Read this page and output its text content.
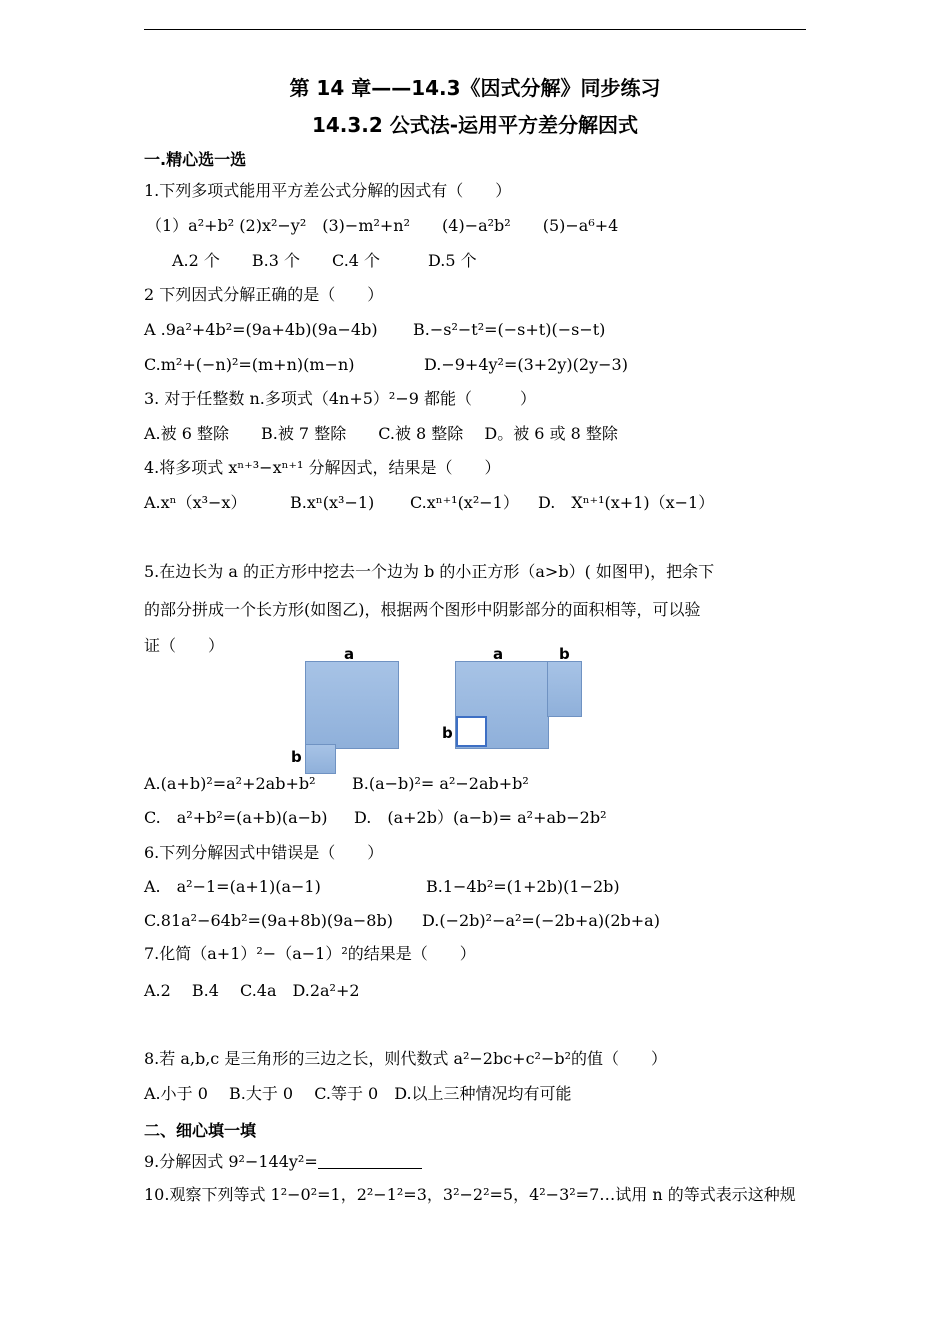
第 14 章——14.3《因式分解》同步练习
14.3.2 公式法-运用平方差分解因式
一.精心选一选
1.下列多项式能用平方差公式分解的因式有（　　）
（1）a²+b² (2)x²−y²　(3)−m²+n²　　(4)−a²b²　　(5)−a⁶+4
A.2 个　　B.3 个　　C.4 个　　　D.5 个
2 下列因式分解正确的是（　　）
A .9a²+4b²=(9a+4b)(9a−4b) B.−s²−t²=(−s+t)(−s−t)
C.m²+(−n)²=(m+n)(m−n)	D.−9+4y²=(3+2y)(2y−3)
3. 对于任整数 n.多项式（4n+5）²−9 都能（　　　）
A.被 6 整除　　B.被 7 整除　　C.被 8 整除　 D。被 6 或 8 整除
4.将多项式 xⁿ⁺³−xⁿ⁺¹ 分解因式，结果是（　　）
A.xⁿ（x³−x）	B.xⁿ(x³−1) C.xⁿ⁺¹(x²−1） D.　Xⁿ⁺¹(x+1)（x−1）
5.在边长为 a 的正方形中挖去一个边为 b 的小正方形（a>b）( 如图甲)，把余下
的部分拼成一个长方形(如图乙)，根据两个图形中阴影部分的面积相等，可以验
证（　　）	a
b
a	b
b
A.(a+b)²=a²+2ab+b² B.(a−b)²= a²−2ab+b²
C.　a²+b²=(a+b)(a−b) D.　(a+2b）(a−b)= a²+ab−2b²
6.下列分解因式中错误是（　　）
A.　a²−1=(a+1)(a−1)	B.1−4b²=(1+2b)(1−2b)
C.81a²−64b²=(9a+8b)(9a−8b) D.(−2b)²−a²=(−2b+a)(2b+a)
7.化简（a+1）²−（a−1）²的结果是（　　）
A.2　 B.4　 C.4a　D.2a²+2
8.若 a,b,c 是三角形的三边之长，则代数式 a²−2bc+c²−b²的值（　　）
A.小于 0　 B.大于 0　 C.等于 0　D.以上三种情况均有可能
二、细心填一填
9.分解因式 9²−144y²=
10.观察下列等式 1²−0²=1，2²−1²=3，3²−2²=5，4²−3²=7…试用 n 的等式表示这种规
